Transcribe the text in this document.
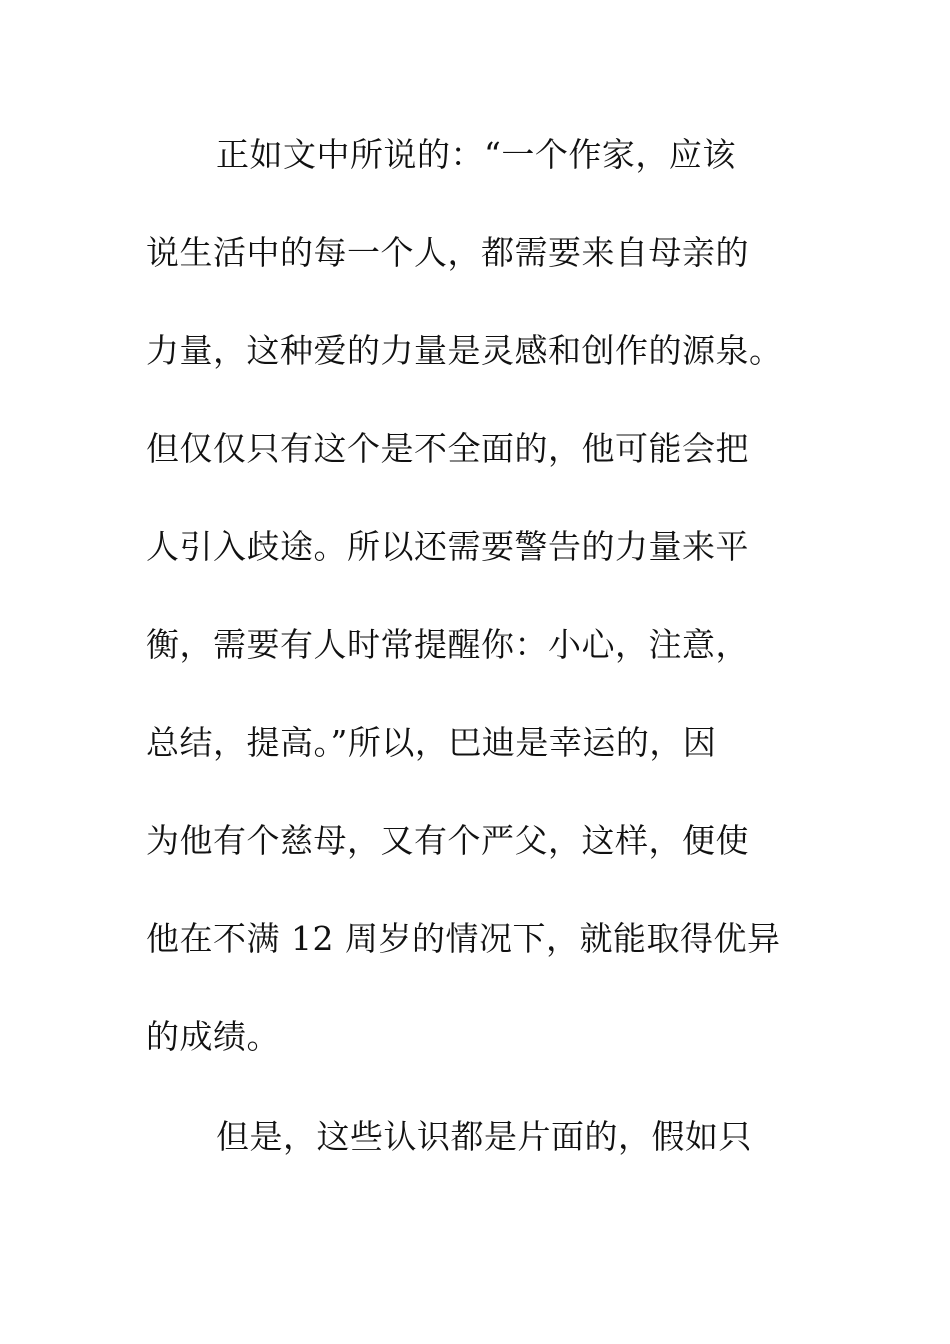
正如文中所说的：“一个作家，应该
说生活中的每一个人，都需要来自母亲的
力量，这种爱的力量是灵感和创作的源泉。
但仅仅只有这个是不全面的，他可能会把
人引入歧途。所以还需要警告的力量来平
衡，需要有人时常提醒你：小心，注意，
总结，提高。”所以，巴迪是幸运的，因
为他有个慈母，又有个严父，这样，便使
他在不满 12 周岁的情况下，就能取得优异
的成绩。
但是，这些认识都是片面的，假如只
